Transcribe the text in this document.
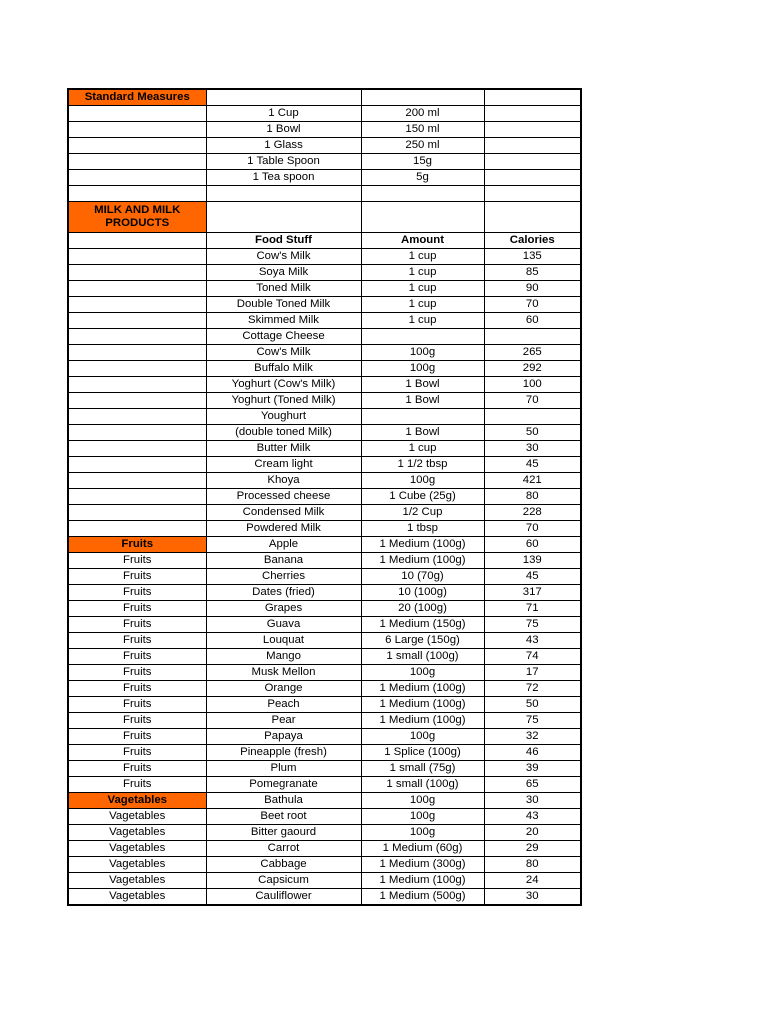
Standard Measures			
	1 Cup	200 ml	
	1 Bowl	150 ml	
	1 Glass	250 ml	
	1 Table Spoon	15g	
	1 Tea spoon	5g	

MILK AND MILK PRODUCTS			
	Food Stuff	Amount	Calories
	Cow's Milk	1 cup	135
	Soya Milk	1 cup	85
	Toned Milk	1 cup	90
	Double Toned Milk	1 cup	70
	Skimmed Milk	1 cup	60
	Cottage Cheese		
	Cow's Milk	100g	265
	Buffalo Milk	100g	292
	Yoghurt (Cow's Milk)	1 Bowl	100
	Yoghurt (Toned Milk)	1 Bowl	70
	Youghurt		
	(double toned Milk)	1 Bowl	50
	Butter Milk	1 cup	30
	Cream light	1 1/2 tbsp	45
	Khoya	100g	421
	Processed cheese	1 Cube (25g)	80
	Condensed Milk	1/2 Cup	228
	Powdered Milk	1 tbsp	70
Fruits	Apple	1 Medium (100g)	60
Fruits	Banana	1 Medium (100g)	139
Fruits	Cherries	10 (70g)	45
Fruits	Dates (fried)	10 (100g)	317
Fruits	Grapes	20 (100g)	71
Fruits	Guava	1 Medium (150g)	75
Fruits	Louquat	6 Large (150g)	43
Fruits	Mango	1 small (100g)	74
Fruits	Musk Mellon	100g	17
Fruits	Orange	1 Medium (100g)	72
Fruits	Peach	1 Medium (100g)	50
Fruits	Pear	1 Medium (100g)	75
Fruits	Papaya	100g	32
Fruits	Pineapple (fresh)	1 Splice (100g)	46
Fruits	Plum	1 small (75g)	39
Fruits	Pomegranate	1 small (100g)	65
Vagetables	Bathula	100g	30
Vagetables	Beet root	100g	43
Vagetables	Bitter gaourd	100g	20
Vagetables	Carrot	1 Medium (60g)	29
Vagetables	Cabbage	1 Medium (300g)	80
Vagetables	Capsicum	1 Medium (100g)	24
Vagetables	Cauliflower	1 Medium (500g)	30
